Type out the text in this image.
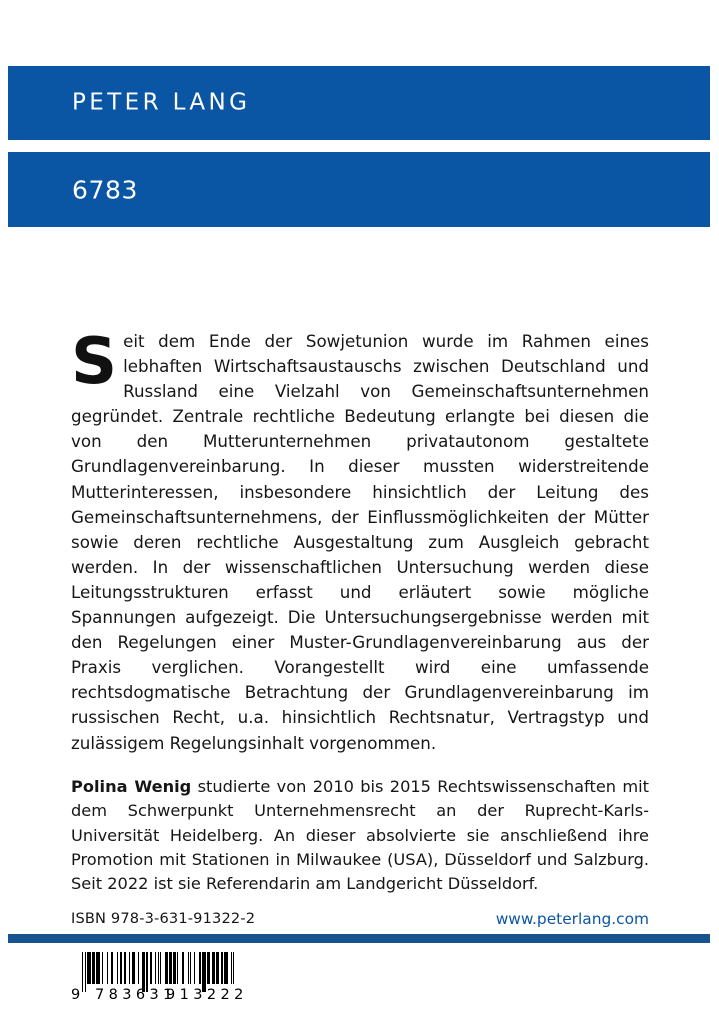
PETER LANG
6783
Seit dem Ende der Sowjetunion wurde im Rahmen eines lebhaften Wirtschaftsaustauschs zwischen Deutschland und Russland eine Vielzahl von Gemeinschaftsunternehmen gegründet. Zentrale rechtliche Bedeutung erlangte bei diesen die von den Mutterunternehmen privatautonom gestaltete Grundlagenvereinbarung. In dieser mussten widerstreitende Mutterinteressen, insbesondere hinsichtlich der Leitung des Gemeinschaftsunternehmens, der Einflussmöglichkeiten der Mütter sowie deren rechtliche Ausgestaltung zum Ausgleich gebracht werden. In der wissenschaftlichen Untersuchung werden diese Leitungsstrukturen erfasst und erläutert sowie mögliche Spannungen aufgezeigt. Die Untersuchungsergebnisse werden mit den Regelungen einer Muster-Grundlagenvereinbarung aus der Praxis verglichen. Vorangestellt wird eine umfassende rechtsdogmatische Betrachtung der Grundlagenvereinbarung im russischen Recht, u.a. hinsichtlich Rechtsnatur, Vertragstyp und zulässigem Regelungsinhalt vorgenommen.
Polina Wenig studierte von 2010 bis 2015 Rechtswissenschaften mit dem Schwerpunkt Unternehmensrecht an der Ruprecht-Karls-Universität Heidelberg. An dieser absolvierte sie anschließend ihre Promotion mit Stationen in Milwaukee (USA), Düsseldorf und Salzburg. Seit 2022 ist sie Referendarin am Landgericht Düsseldorf.
ISBN 978-3-631-91322-2	www.peterlang.com
9 783631
913222
